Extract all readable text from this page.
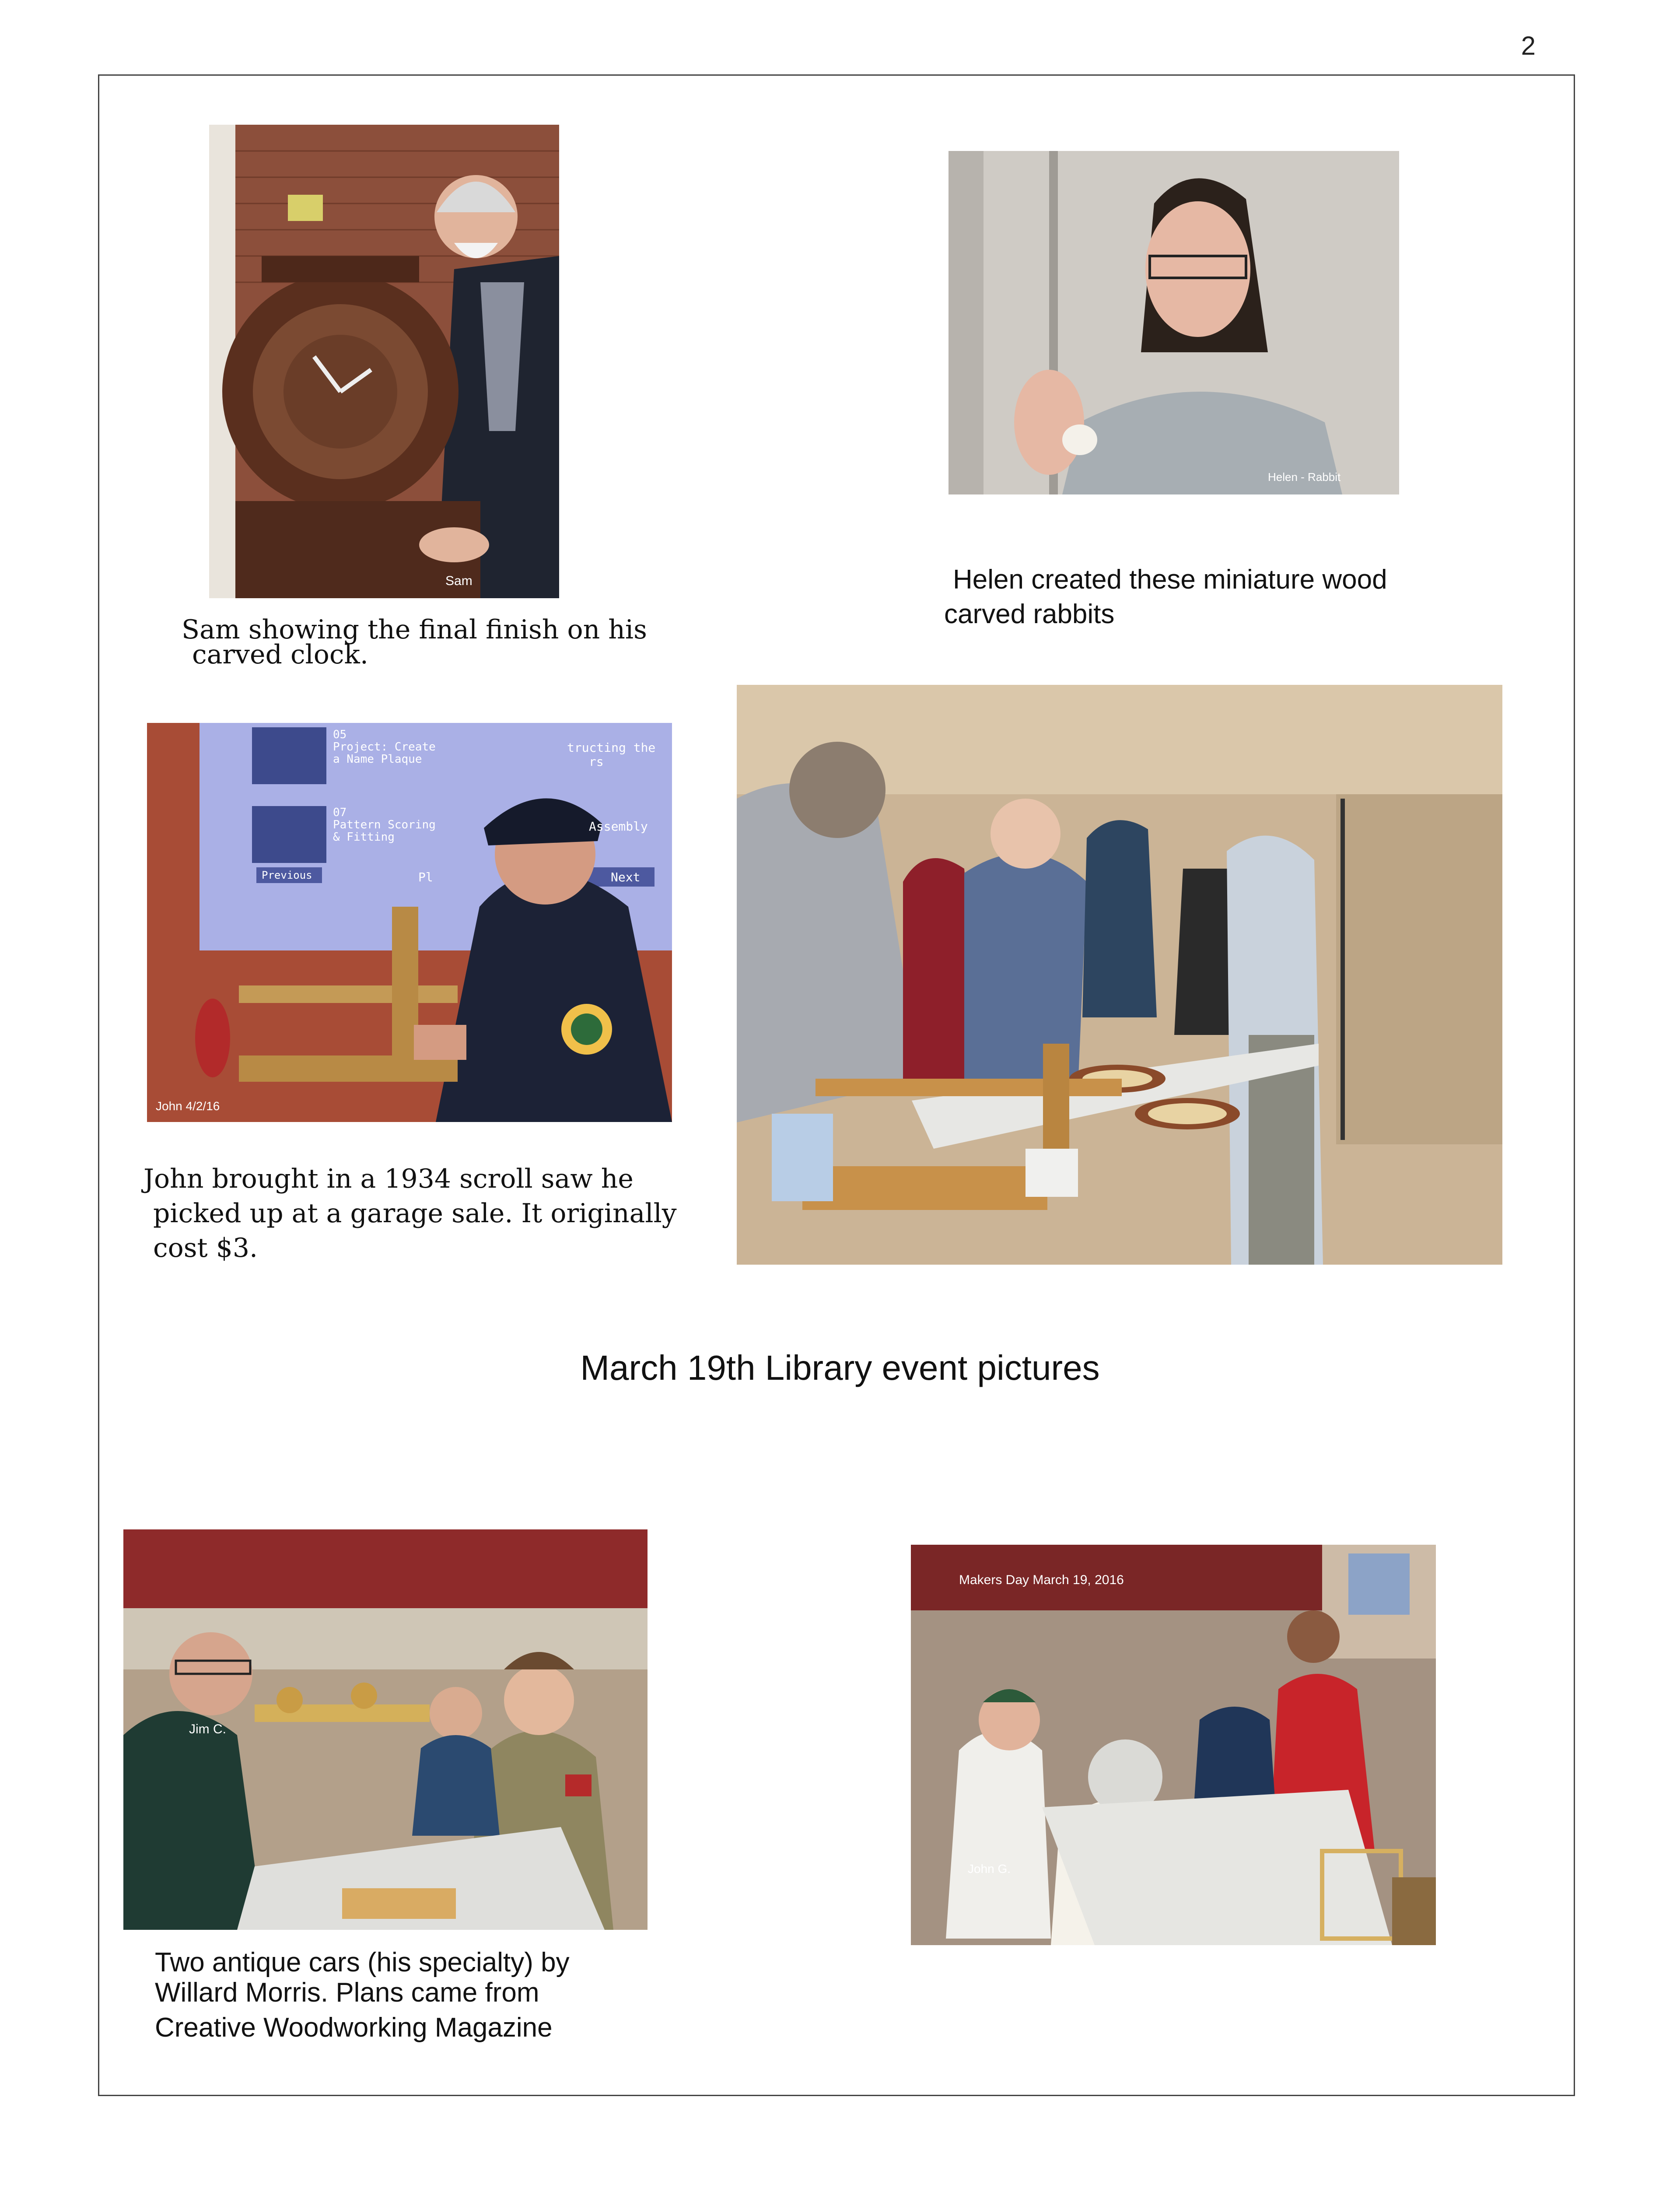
2
Sam
Helen - Rabbit
Sam showing the final finish on his
carved clock.
Helen created these miniature wood
carved rabbits
05
Project: Create
a Name Plaque
07
Pattern Scoring
& Fitting
Previous	Next
tructing the
rs
Assembly
Pl
John 4/2/16
John brought in a 1934 scroll saw he
picked up at a garage sale. It originally
cost $3.
March 19th Library event pictures
Jim C.
Two antique cars (his specialty) by
Willard Morris. Plans came from
Creative Woodworking Magazine
Makers Day March 19, 2016
John G.
